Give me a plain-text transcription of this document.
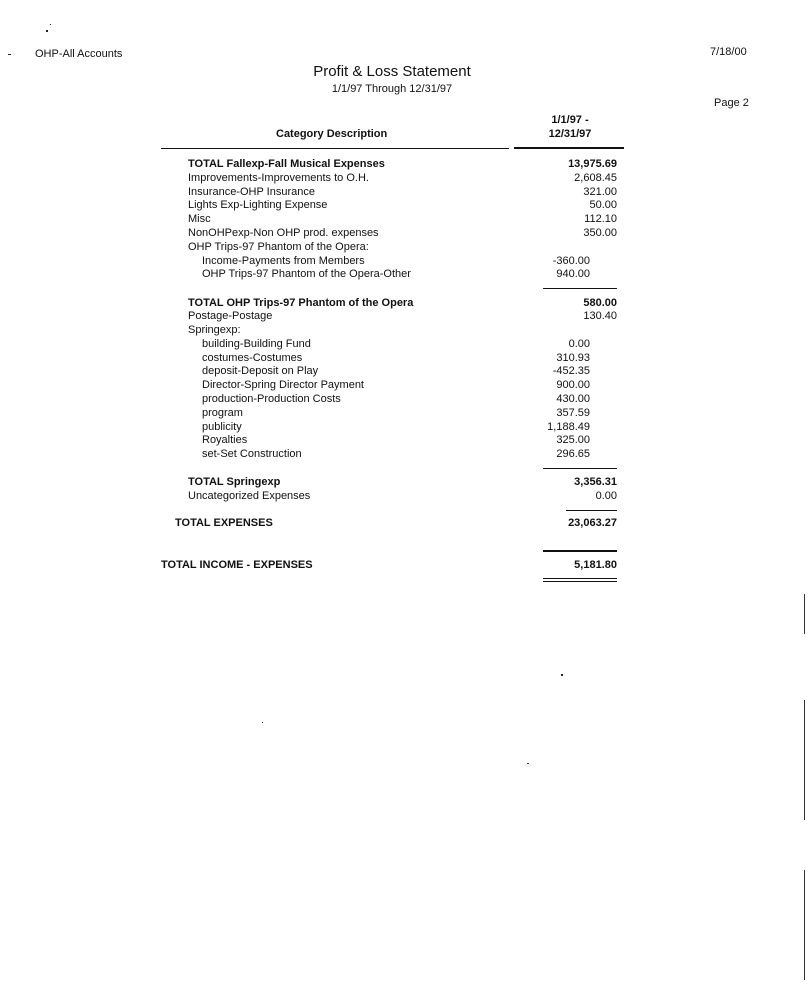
OHP-All Accounts	7/18/00
Page 2
Profit & Loss Statement
1/1/97 Through 12/31/97
Category Description
1/1/97 -
12/31/97
TOTAL Fallexp-Fall Musical Expenses	13,975.69
Improvements-Improvements to O.H.	2,608.45
Insurance-OHP Insurance	321.00
Lights Exp-Lighting Expense	50.00
Misc	112.10
NonOHPexp-Non OHP prod. expenses	350.00
OHP Trips-97 Phantom of the Opera:
Income-Payments from Members	-360.00
OHP Trips-97 Phantom of the Opera-Other	940.00
TOTAL OHP Trips-97 Phantom of the Opera	580.00
Postage-Postage	130.40
Springexp:
building-Building Fund	0.00
costumes-Costumes	310.93
deposit-Deposit on Play	-452.35
Director-Spring Director Payment	900.00
production-Production Costs	430.00
program	357.59
publicity	1,188.49
Royalties	325.00
set-Set Construction	296.65
TOTAL Springexp	3,356.31
Uncategorized Expenses	0.00
TOTAL EXPENSES	23,063.27
TOTAL INCOME - EXPENSES	5,181.80
